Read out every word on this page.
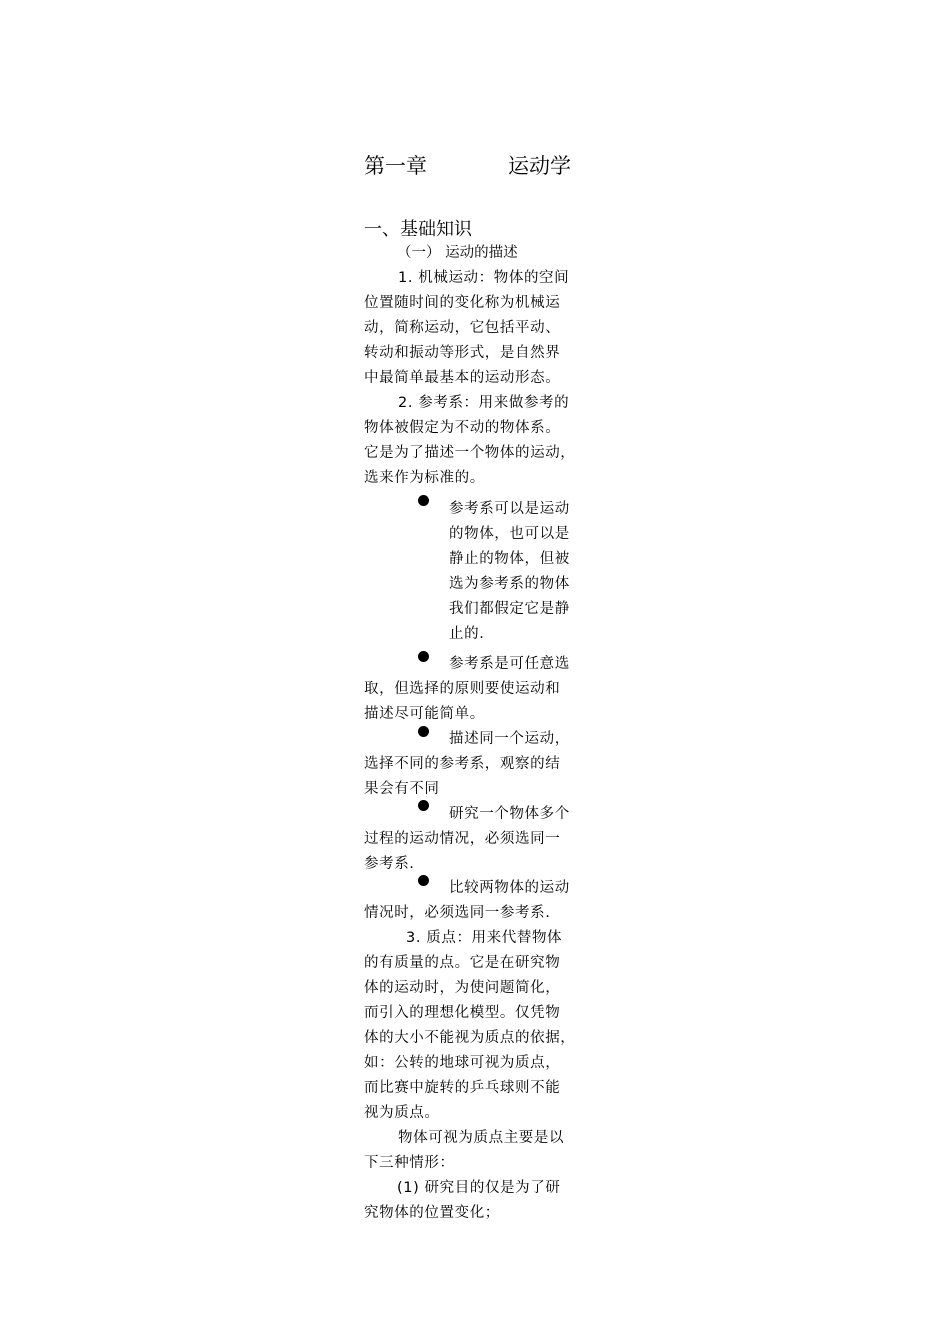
第一章	运动学
一、基础知识
（一） 运动的描述
1. 机械运动：物体的空间
位置随时间的变化称为机械运
动，简称运动，它包括平动、
转动和振动等形式，是自然界
中最简单最基本的运动形态。
2. 参考系：用来做参考的
物体被假定为不动的物体系。
它是为了描述一个物体的运动，
选来作为标准的。
参考系可以是运动
的物体，也可以是
静止的物体，但被
选为参考系的物体
我们都假定它是静
止的.
参考系是可任意选
取，但选择的原则要使运动和
描述尽可能简单。
描述同一个运动，
选择不同的参考系，观察的结
果会有不同
研究一个物体多个
过程的运动情况，必须选同一
参考系.
比较两物体的运动
情况时，必须选同一参考系.
3. 质点：用来代替物体
的有质量的点。它是在研究物
体的运动时，为使问题简化，
而引入的理想化模型。仅凭物
体的大小不能视为质点的依据，
如：公转的地球可视为质点，
而比赛中旋转的乒乓球则不能
视为质点。
物体可视为质点主要是以
下三种情形：
(1) 研究目的仅是为了研
究物体的位置变化；
